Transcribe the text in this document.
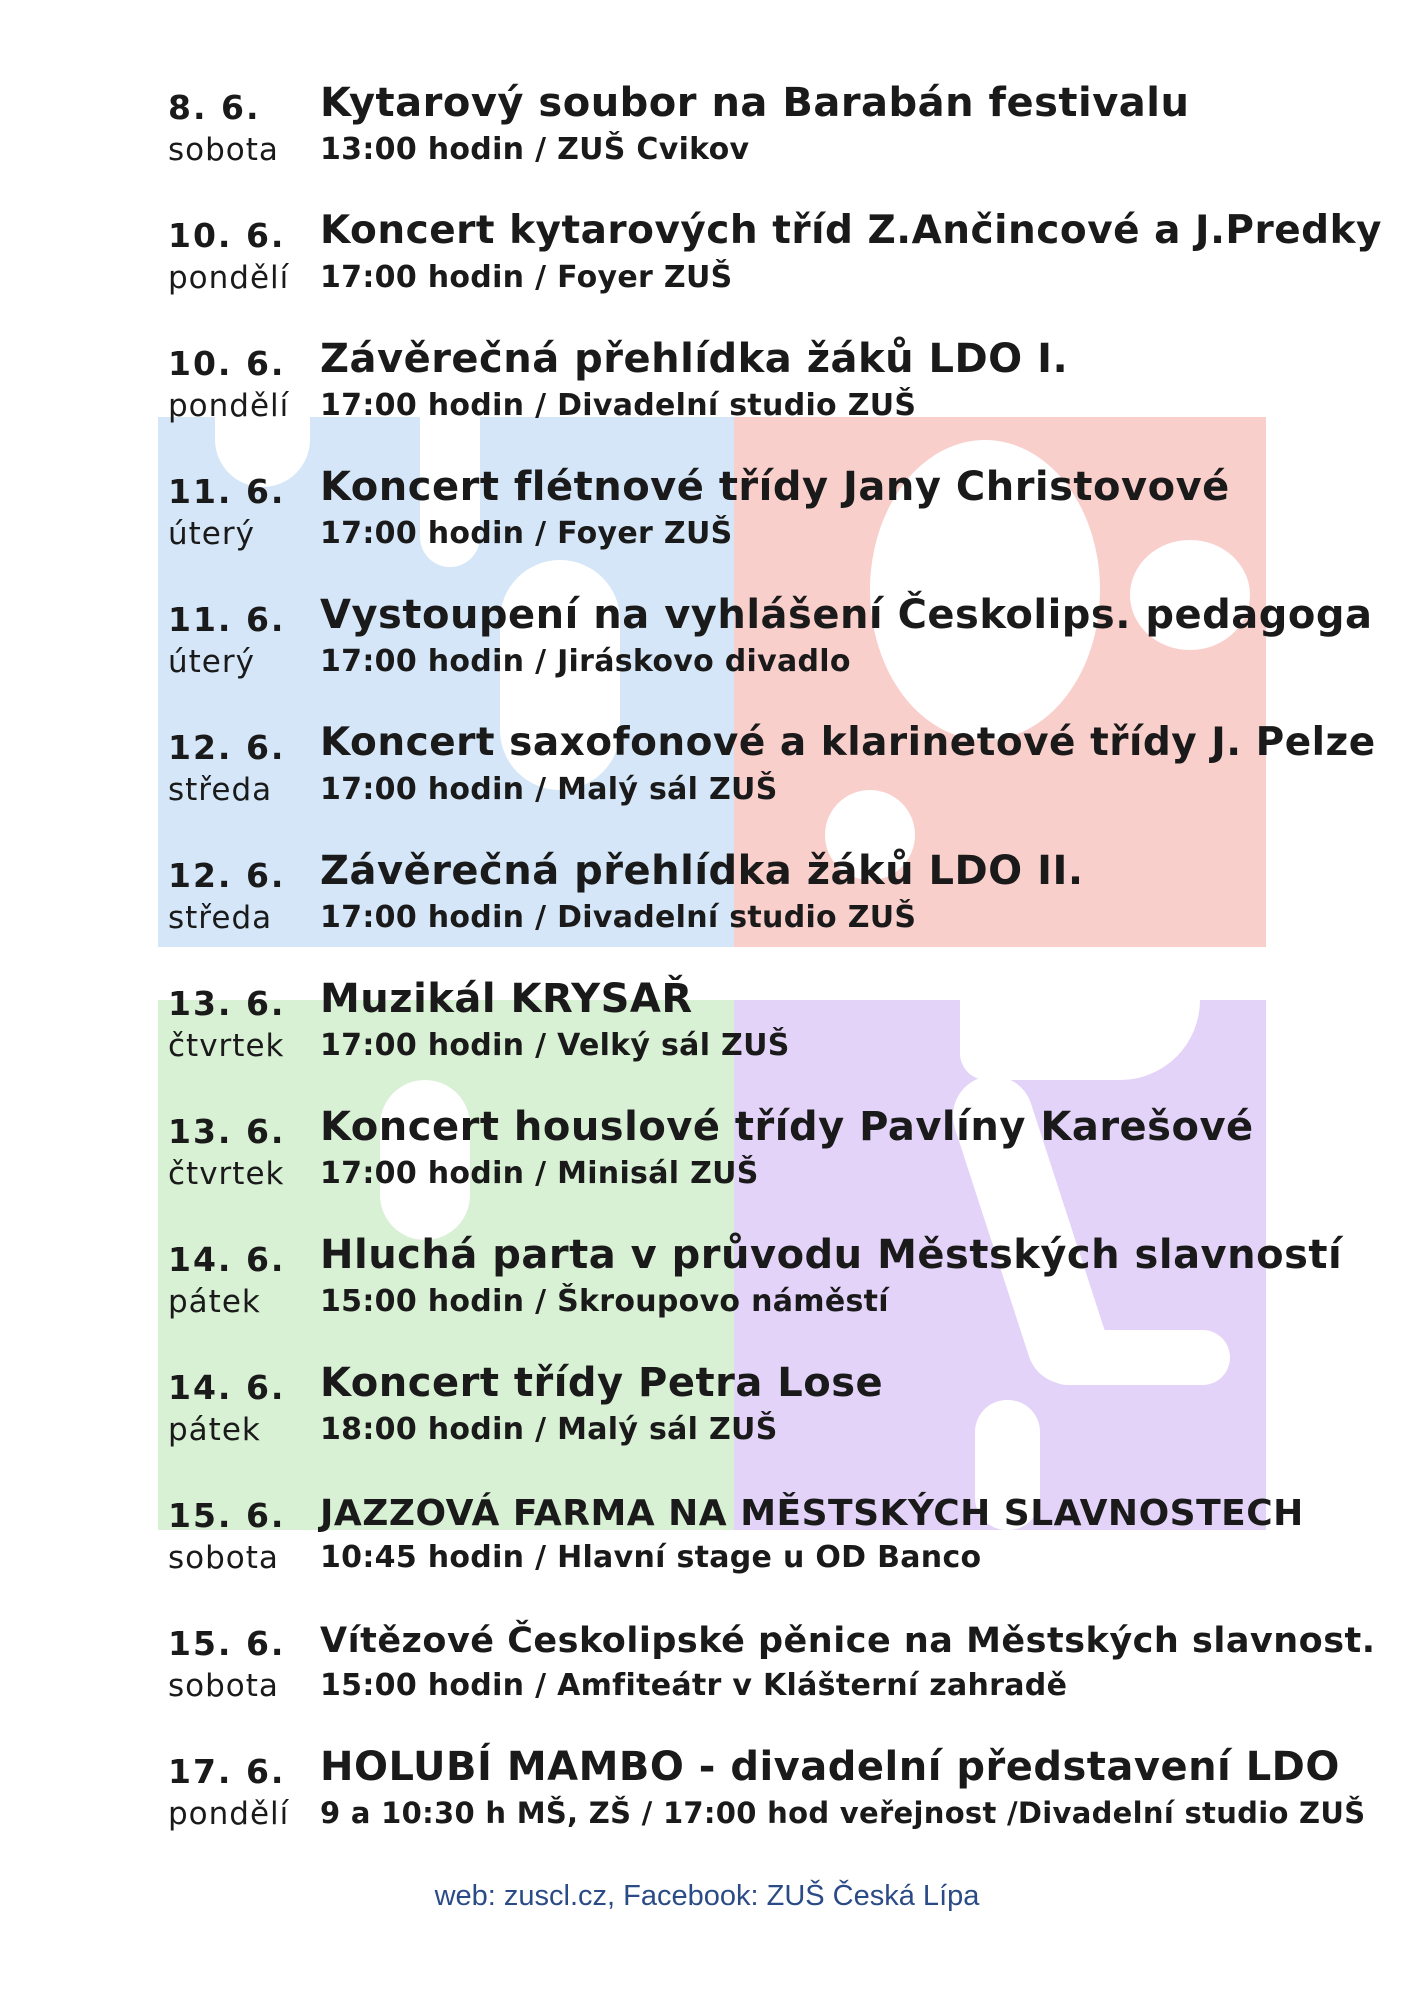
8. 6.
sobota
Kytarový soubor na Barabán festivalu
13:00 hodin / ZUŠ Cvikov
10. 6.
pondělí
Koncert kytarových tříd Z.Ančincové a J.Predky
17:00 hodin / Foyer ZUŠ
10. 6.
pondělí
Závěrečná přehlídka žáků LDO I.
17:00 hodin / Divadelní studio ZUŠ
11. 6.
úterý
Koncert flétnové třídy Jany Christovové
17:00 hodin / Foyer ZUŠ
11. 6.
úterý
Vystoupení na vyhlášení Českolips. pedagoga
17:00 hodin / Jiráskovo divadlo
12. 6.
středa
Koncert saxofonové a klarinetové třídy J. Pelze
17:00 hodin / Malý sál ZUŠ
12. 6.
středa
Závěrečná přehlídka žáků LDO II.
17:00 hodin / Divadelní studio ZUŠ
13. 6.
čtvrtek
Muzikál KRYSAŘ
17:00 hodin / Velký sál ZUŠ
13. 6.
čtvrtek
Koncert houslové třídy Pavlíny Karešové
17:00 hodin / Minisál ZUŠ
14. 6.
pátek
Hluchá parta v průvodu Městských slavností
15:00 hodin / Škroupovo náměstí
14. 6.
pátek
Koncert třídy Petra Lose
18:00 hodin / Malý sál ZUŠ
15. 6.
sobota
JAZZOVÁ FARMA NA MĚSTSKÝCH SLAVNOSTECH
10:45 hodin / Hlavní stage u OD Banco
15. 6.
sobota
Vítězové Českolipské pěnice na Městských slavnost.
15:00 hodin / Amfiteátr v Klášterní zahradě
17. 6.
pondělí
HOLUBÍ MAMBO - divadelní představení LDO
9 a 10:30 h MŠ, ZŠ / 17:00 hod veřejnost /Divadelní studio ZUŠ
web: zuscl.cz, Facebook: ZUŠ Česká Lípa
